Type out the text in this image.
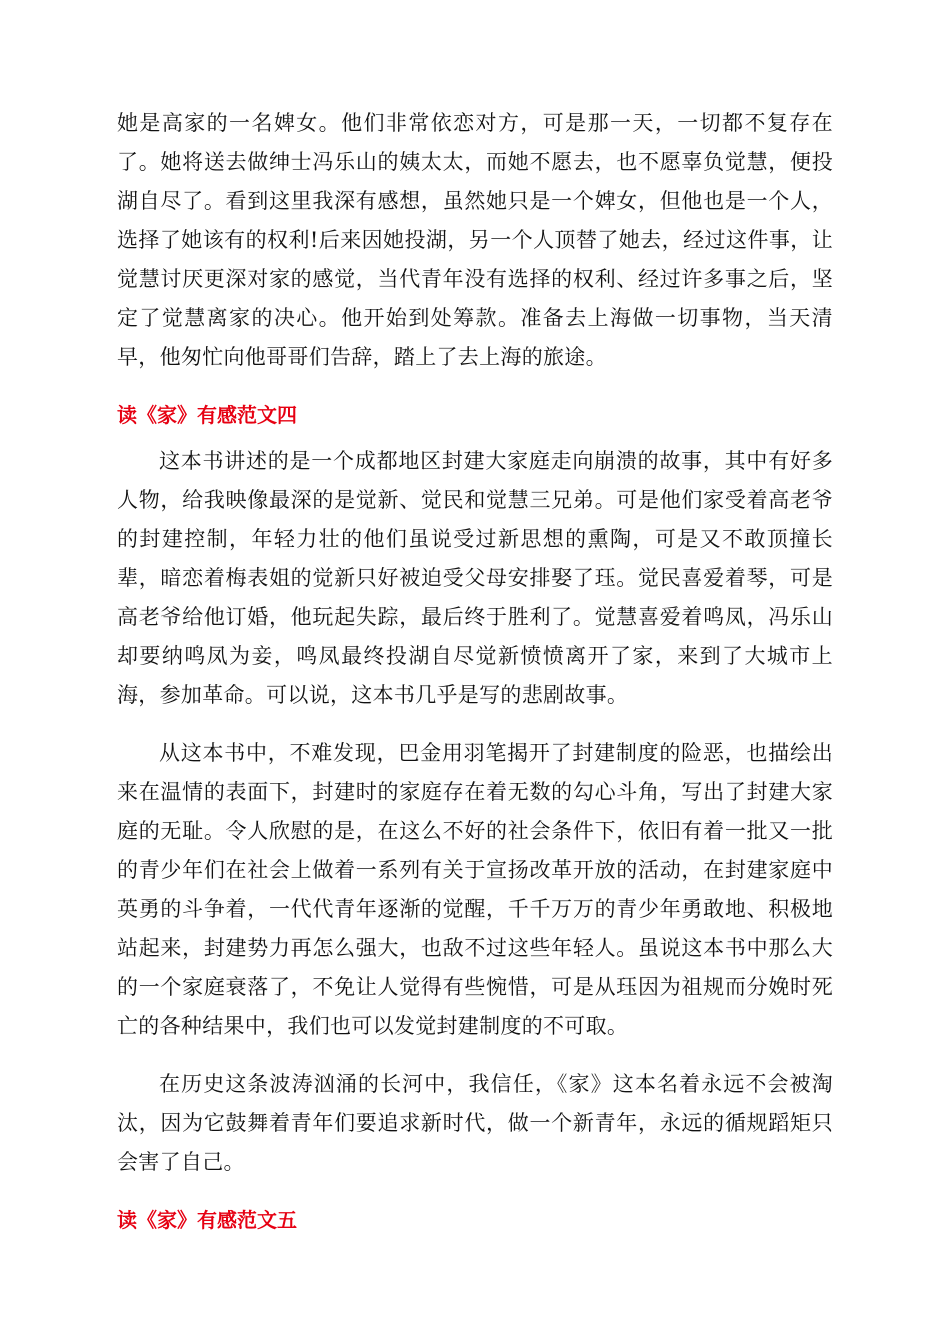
她是高家的一名婢女。他们非常依恋对方，可是那一天，一切都不复存在了。她将送去做绅士冯乐山的姨太太，而她不愿去，也不愿辜负觉慧，便投湖自尽了。看到这里我深有感想，虽然她只是一个婢女，但他也是一个人，选择了她该有的权利!后来因她投湖，另一个人顶替了她去，经过这件事，让觉慧讨厌更深对家的感觉，当代青年没有选择的权利、经过许多事之后，坚定了觉慧离家的决心。他开始到处筹款。准备去上海做一切事物，当天清早，他匆忙向他哥哥们告辞，踏上了去上海的旅途。

读《家》有感范文四

这本书讲述的是一个成都地区封建大家庭走向崩溃的故事，其中有好多人物，给我映像最深的是觉新、觉民和觉慧三兄弟。可是他们家受着高老爷的封建控制，年轻力壮的他们虽说受过新思想的熏陶，可是又不敢顶撞长辈，暗恋着梅表姐的觉新只好被迫受父母安排娶了珏。觉民喜爱着琴，可是高老爷给他订婚，他玩起失踪，最后终于胜利了。觉慧喜爱着鸣凤，冯乐山却要纳鸣凤为妾，鸣凤最终投湖自尽觉新愤愤离开了家，来到了大城市上海，参加革命。可以说，这本书几乎是写的悲剧故事。

从这本书中，不难发现，巴金用羽笔揭开了封建制度的险恶，也描绘出来在温情的表面下，封建时的家庭存在着无数的勾心斗角，写出了封建大家庭的无耻。令人欣慰的是，在这么不好的社会条件下，依旧有着一批又一批的青少年们在社会上做着一系列有关于宣扬改革开放的活动，在封建家庭中英勇的斗争着，一代代青年逐渐的觉醒，千千万万的青少年勇敢地、积极地站起来，封建势力再怎么强大，也敌不过这些年轻人。虽说这本书中那么大的一个家庭衰落了，不免让人觉得有些惋惜，可是从珏因为祖规而分娩时死亡的各种结果中，我们也可以发觉封建制度的不可取。

在历史这条波涛汹涌的长河中，我信任，《家》这本名着永远不会被淘汰，因为它鼓舞着青年们要追求新时代，做一个新青年，永远的循规蹈矩只会害了自己。

读《家》有感范文五
